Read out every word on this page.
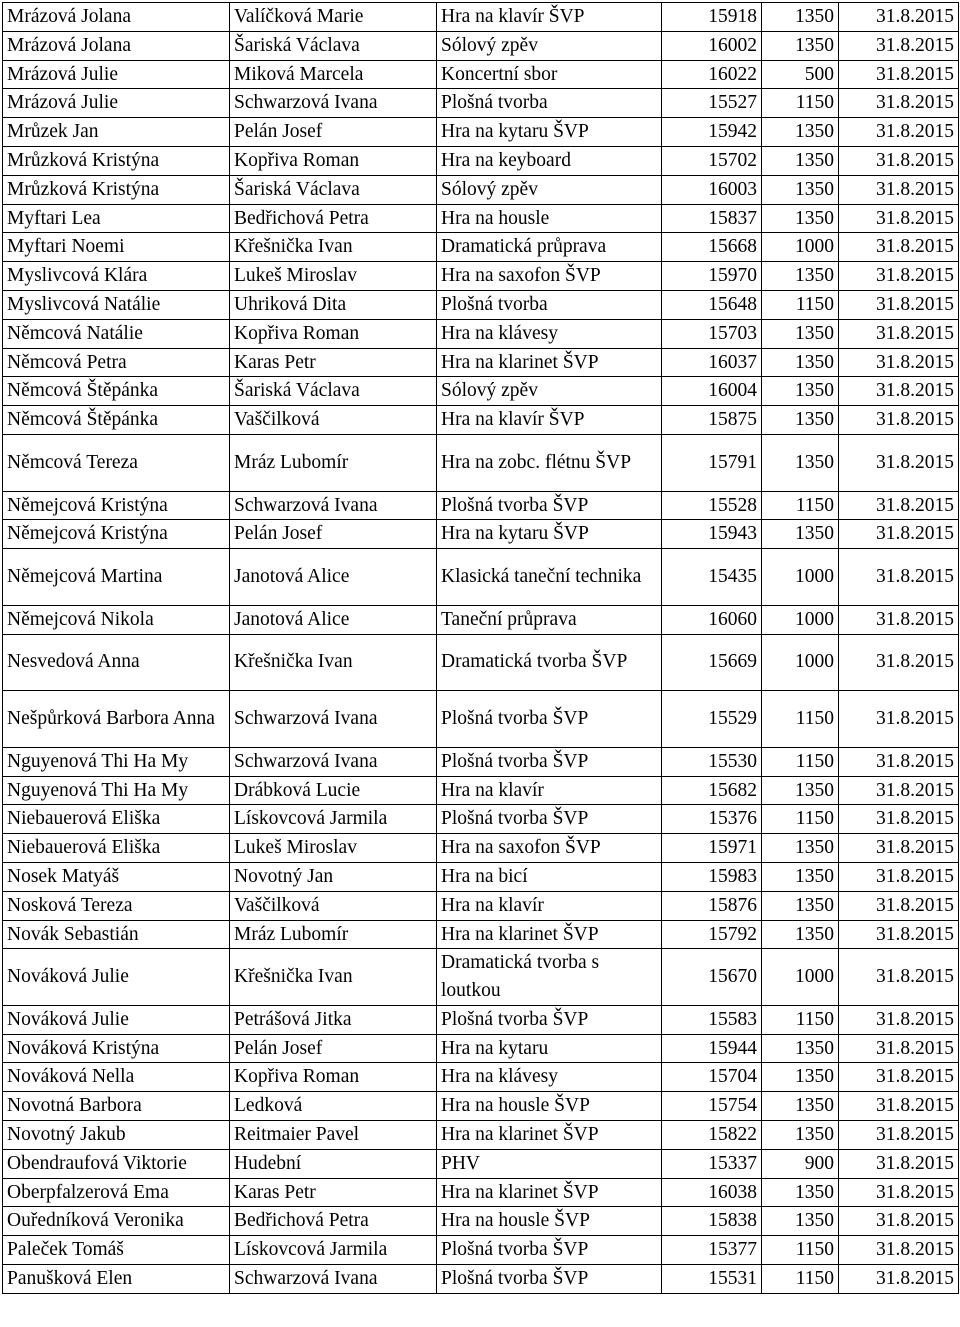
Mrázová Jolana	Valíčková Marie	Hra na klavír ŠVP	15918	1350	31.8.2015
Mrázová Jolana	Šariská Václava	Sólový zpěv	16002	1350	31.8.2015
Mrázová Julie	Miková Marcela	Koncertní sbor	16022	500	31.8.2015
Mrázová Julie	Schwarzová Ivana	Plošná tvorba	15527	1150	31.8.2015
Mrůzek Jan	Pelán Josef	Hra na kytaru ŠVP	15942	1350	31.8.2015
Mrůzková Kristýna	Kopřiva Roman	Hra na keyboard	15702	1350	31.8.2015
Mrůzková Kristýna	Šariská Václava	Sólový zpěv	16003	1350	31.8.2015
Myftari Lea	Bedřichová Petra	Hra na housle	15837	1350	31.8.2015
Myftari Noemi	Křešnička Ivan	Dramatická průprava	15668	1000	31.8.2015
Myslivcová Klára	Lukeš Miroslav	Hra na saxofon ŠVP	15970	1350	31.8.2015
Myslivcová Natálie	Uhriková Dita	Plošná tvorba	15648	1150	31.8.2015
Němcová Natálie	Kopřiva Roman	Hra na klávesy	15703	1350	31.8.2015
Němcová Petra	Karas Petr	Hra na klarinet ŠVP	16037	1350	31.8.2015
Němcová Štěpánka	Šariská Václava	Sólový zpěv	16004	1350	31.8.2015
Němcová Štěpánka	Vaščilková	Hra na klavír ŠVP	15875	1350	31.8.2015
Němcová Tereza	Mráz Lubomír	Hra na zobc. flétnu ŠVP	15791	1350	31.8.2015
Němejcová Kristýna	Schwarzová Ivana	Plošná tvorba ŠVP	15528	1150	31.8.2015
Němejcová Kristýna	Pelán Josef	Hra na kytaru ŠVP	15943	1350	31.8.2015
Němejcová Martina	Janotová Alice	Klasická taneční technika	15435	1000	31.8.2015
Němejcová Nikola	Janotová Alice	Taneční průprava	16060	1000	31.8.2015
Nesvedová Anna	Křešnička Ivan	Dramatická tvorba ŠVP	15669	1000	31.8.2015
Nešpůrková Barbora Anna	Schwarzová Ivana	Plošná tvorba ŠVP	15529	1150	31.8.2015
Nguyenová Thi Ha My	Schwarzová Ivana	Plošná tvorba ŠVP	15530	1150	31.8.2015
Nguyenová Thi Ha My	Drábková Lucie	Hra na klavír	15682	1350	31.8.2015
Niebauerová Eliška	Lískovcová Jarmila	Plošná tvorba ŠVP	15376	1150	31.8.2015
Niebauerová Eliška	Lukeš Miroslav	Hra na saxofon ŠVP	15971	1350	31.8.2015
Nosek Matyáš	Novotný Jan	Hra na bicí	15983	1350	31.8.2015
Nosková Tereza	Vaščilková	Hra na klavír	15876	1350	31.8.2015
Novák Sebastián	Mráz Lubomír	Hra na klarinet ŠVP	15792	1350	31.8.2015
Nováková Julie	Křešnička Ivan	Dramatická tvorba s loutkou	15670	1000	31.8.2015
Nováková Julie	Petrášová Jitka	Plošná tvorba ŠVP	15583	1150	31.8.2015
Nováková Kristýna	Pelán Josef	Hra na kytaru	15944	1350	31.8.2015
Nováková Nella	Kopřiva Roman	Hra na klávesy	15704	1350	31.8.2015
Novotná Barbora	Ledková	Hra na housle ŠVP	15754	1350	31.8.2015
Novotný Jakub	Reitmaier Pavel	Hra na klarinet ŠVP	15822	1350	31.8.2015
Obendraufová Viktorie	Hudební	PHV	15337	900	31.8.2015
Oberpfalzerová Ema	Karas Petr	Hra na klarinet ŠVP	16038	1350	31.8.2015
Ouředníková Veronika	Bedřichová Petra	Hra na housle ŠVP	15838	1350	31.8.2015
Paleček Tomáš	Lískovcová Jarmila	Plošná tvorba ŠVP	15377	1150	31.8.2015
Panušková Elen	Schwarzová Ivana	Plošná tvorba ŠVP	15531	1150	31.8.2015
